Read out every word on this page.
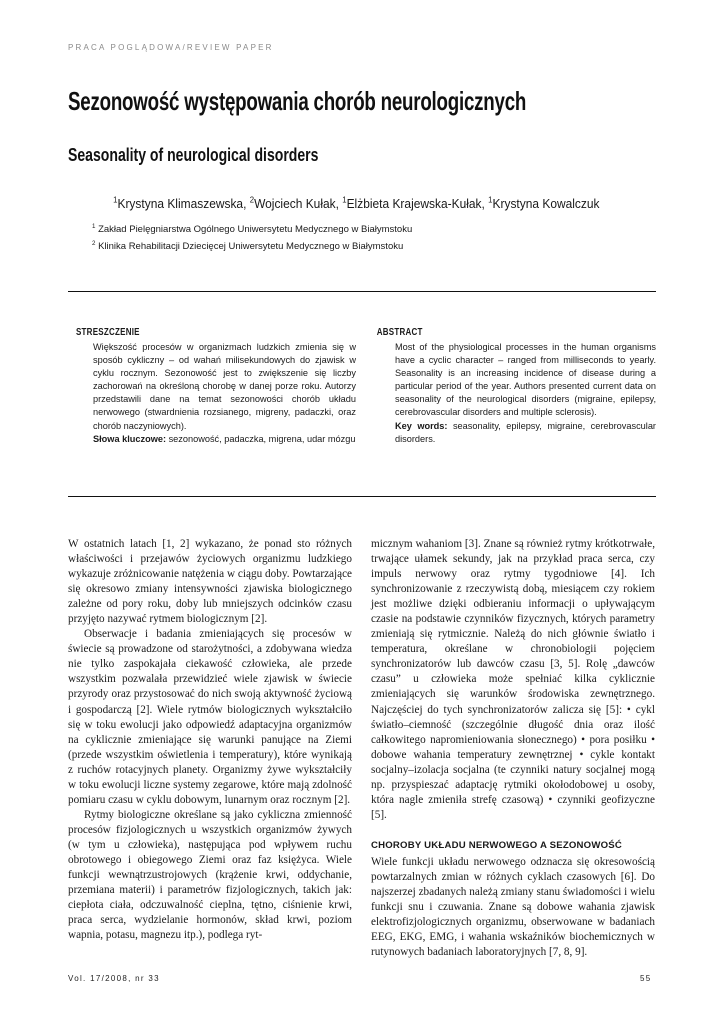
PRACA POGLĄDOWA/REVIEW PAPER
Sezonowość występowania chorób neurologicznych
Seasonality of neurological disorders
$^1$Krystyna Klimaszewska, $^2$Wojciech Kułak, $^1$Elżbieta Krajewska-Kułak, $^1$Krystyna Kowalczuk
$^1$ Zakład Pielęgniarstwa Ogólnego Uniwersytetu Medycznego w Białymstoku
$^2$ Klinika Rehabilitacji Dziecięcej Uniwersytetu Medycznego w Białymstoku
STRESZCZENIE
Większość procesów w organizmach ludzkich zmienia się w sposób cykliczny – od wahań milisekundowych do zjawisk w cyklu rocznym. Sezonowość jest to zwiększenie się liczby zachorowań na określoną chorobę w danej porze roku. Autorzy przedstawili dane na temat sezonowości chorób układu nerwowego (stwardnienia rozsianego, migreny, padaczki, oraz chorób naczyniowych).
Słowa kluczowe: sezonowość, padaczka, migrena, udar mózgu
ABSTRACT
Most of the physiological processes in the human organisms have a cyclic character – ranged from milliseconds to yearly. Seasonality is an increasing incidence of disease during a particular period of the year. Authors presented current data on seasonality of the neurological disorders (migraine, epilepsy, cerebrovascular disorders and multiple sclerosis).
Key words: seasonality, epilepsy, migraine, cerebrovascular disorders.

W ostatnich latach [1, 2] wykazano, że ponad sto różnych właściwości i przejawów życiowych organizmu ludzkiego wykazuje zróżnicowanie natężenia w ciągu doby. Powtarzające się okresowo zmiany intensywności zjawiska biologicznego zależne od pory roku, doby lub mniejszych odcinków czasu przyjęto nazywać rytmem biologicznym [2].

Obserwacje i badania zmieniających się procesów w świecie są prowadzone od starożytności, a zdobywana wiedza nie tylko zaspokajała ciekawość człowieka, ale przede wszystkim pozwalała przewidzieć wiele zjawisk w świecie przyrody oraz przystosować do nich swoją aktywność życiową i gospodarczą [2]. Wiele rytmów biologicznych wykształciło się w toku ewolucji jako odpowiedź adaptacyjna organizmów na cyklicznie zmieniające się warunki panujące na Ziemi (przede wszystkim oświetlenia i temperatury), które wynikają z ruchów rotacyjnych planety. Organizmy żywe wykształciły w toku ewolucji liczne systemy zegarowe, które mają zdolność pomiaru czasu w cyklu dobowym, lunarnym oraz rocznym [2].

Rytmy biologiczne określane są jako cykliczna zmienność procesów fizjologicznych u wszystkich organizmów żywych (w tym u człowieka), następująca pod wpływem ruchu obrotowego i obiegowego Ziemi oraz faz księżyca. Wiele funkcji wewnątrzustrojowych (krążenie krwi, oddychanie, przemiana materii) i parametrów fizjologicznych, takich jak: ciepłota ciała, odczuwalność cieplna, tętno, ciśnienie krwi, praca serca, wydzielanie hormonów, skład krwi, poziom wapnia, potasu, magnezu itp.), podlega ryt-

micznym wahaniom [3]. Znane są również rytmy krótkotrwałe, trwające ułamek sekundy, jak na przykład praca serca, czy impuls nerwowy oraz rytmy tygodniowe [4]. Ich synchronizowanie z rzeczywistą dobą, miesiącem czy rokiem jest możliwe dzięki odbieraniu informacji o upływającym czasie na podstawie czynników fizycznych, których parametry zmieniają się rytmicznie. Należą do nich głównie światło i temperatura, określane w chronobiologii pojęciem synchronizatorów lub dawców czasu [3, 5]. Rolę „dawców czasu” u człowieka może spełniać kilka cyklicznie zmieniających się warunków środowiska zewnętrznego. Najczęściej do tych synchronizatorów zalicza się [5]: • cykl światło–ciemność (szczególnie długość dnia oraz ilość całkowitego napromieniowania słonecznego) • pora posiłku • dobowe wahania temperatury zewnętrznej • cykle kontakt socjalny–izolacja socjalna (te czynniki natury socjalnej mogą np. przyspieszać adaptację rytmiki okołodobowej u osoby, która nagle zmieniła strefę czasową) • czynniki geofizyczne [5].

CHOROBY UKŁADU NERWOWEGO A SEZONOWOŚĆ

Wiele funkcji układu nerwowego odznacza się okresowością powtarzalnych zmian w różnych cyklach czasowych [6]. Do najszerzej zbadanych należą zmiany stanu świadomości i wielu funkcji snu i czuwania. Znane są dobowe wahania zjawisk elektrofizjologicznych organizmu, obserwowane w badaniach EEG, EKG, EMG, i wahania wskaźników biochemicznych w rutynowych badaniach laboratoryjnych [7, 8, 9].

Vol. 17/2008, nr 33	55
